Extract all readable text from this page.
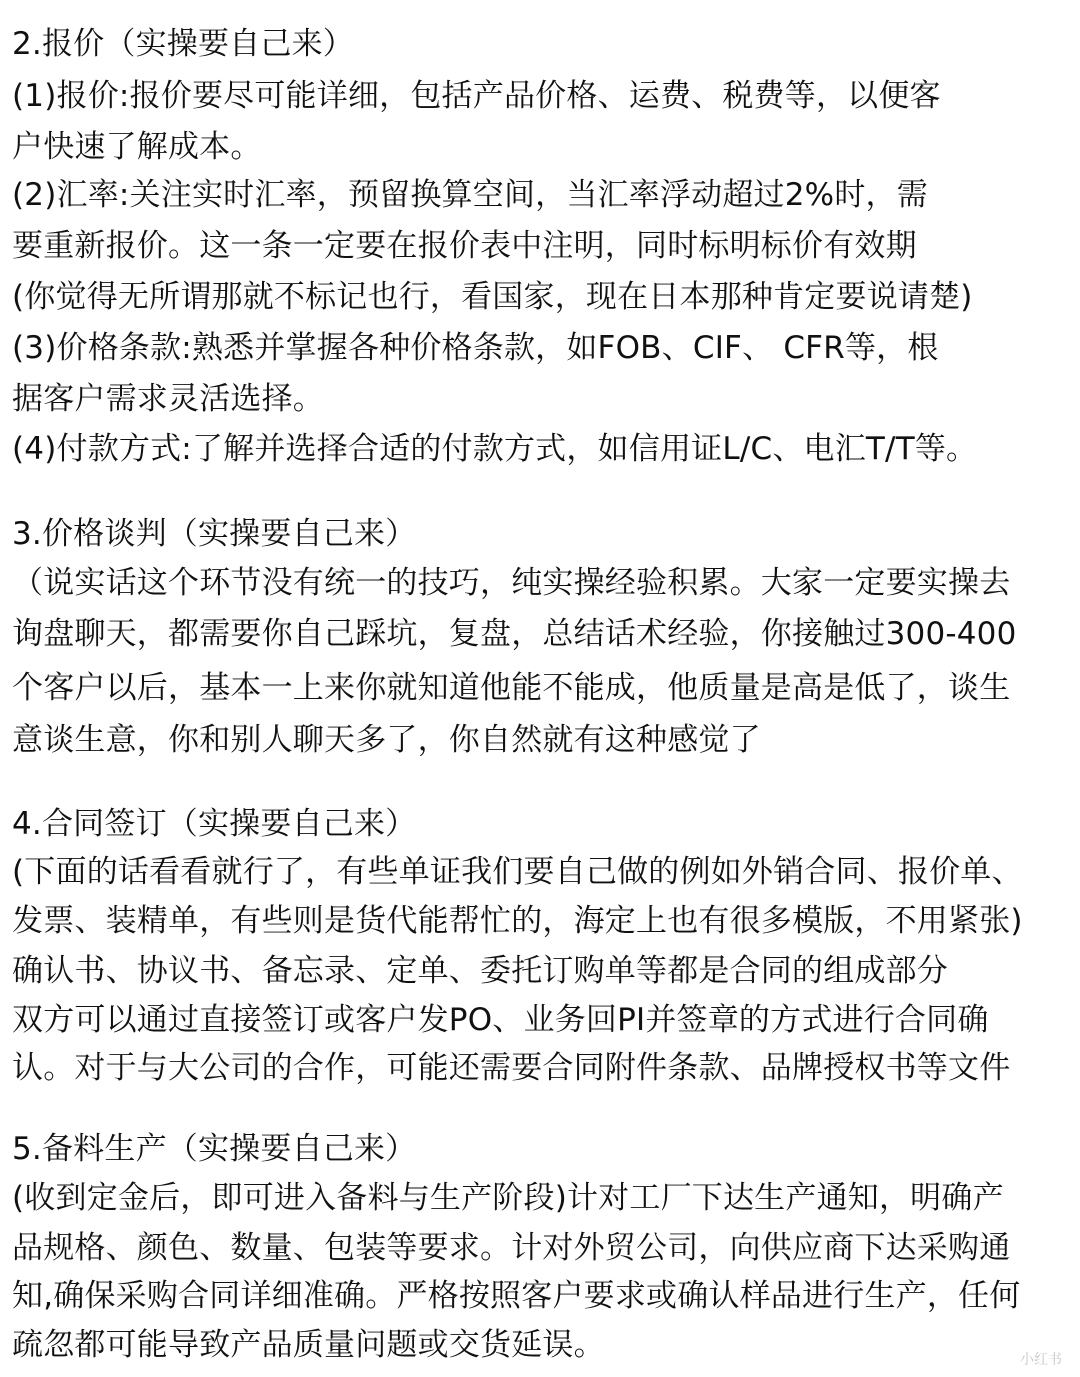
2.报价（实操要自己来）
(1)报价:报价要尽可能详细，包括产品价格、运费、税费等，以便客
户快速了解成本。
(2)汇率:关注实时汇率，预留换算空间，当汇率浮动超过2%时，需
要重新报价。这一条一定要在报价表中注明，同时标明标价有效期
(你觉得无所谓那就不标记也行，看国家，现在日本那种肯定要说请楚)
(3)价格条款:熟悉并掌握各种价格条款，如FOB、CIF、 CFR等，根
据客户需求灵活选择。
(4)付款方式:了解并选择合适的付款方式，如信用证L/C、电汇T/T等。
3.价格谈判（实操要自己来）
（说实话这个环节没有统一的技巧，纯实操经验积累。大家一定要实操去
询盘聊天，都需要你自己踩坑，复盘，总结话术经验，你接触过300-400
个客户以后，基本一上来你就知道他能不能成，他质量是高是低了，谈生
意谈生意，你和别人聊天多了，你自然就有这种感觉了
4.合同签订（实操要自己来）
(下面的话看看就行了，有些单证我们要自己做的例如外销合同、报价单、
发票、装精单，有些则是货代能帮忙的，海定上也有很多模版，不用紧张)
确认书、协议书、备忘录、定单、委托订购单等都是合同的组成部分
双方可以通过直接签订或客户发PO、业务回PI并签章的方式进行合同确
认。对于与大公司的合作，可能还需要合同附件条款、品牌授权书等文件
5.备料生产（实操要自己来）
(收到定金后，即可进入备料与生产阶段)计对工厂下达生产通知，明确产
品规格、颜色、数量、包装等要求。计对外贸公司，向供应商下达采购通
知,确保采购合同详细准确。严格按照客户要求或确认样品进行生产，任何
疏忽都可能导致产品质量问题或交货延误。	小红书
